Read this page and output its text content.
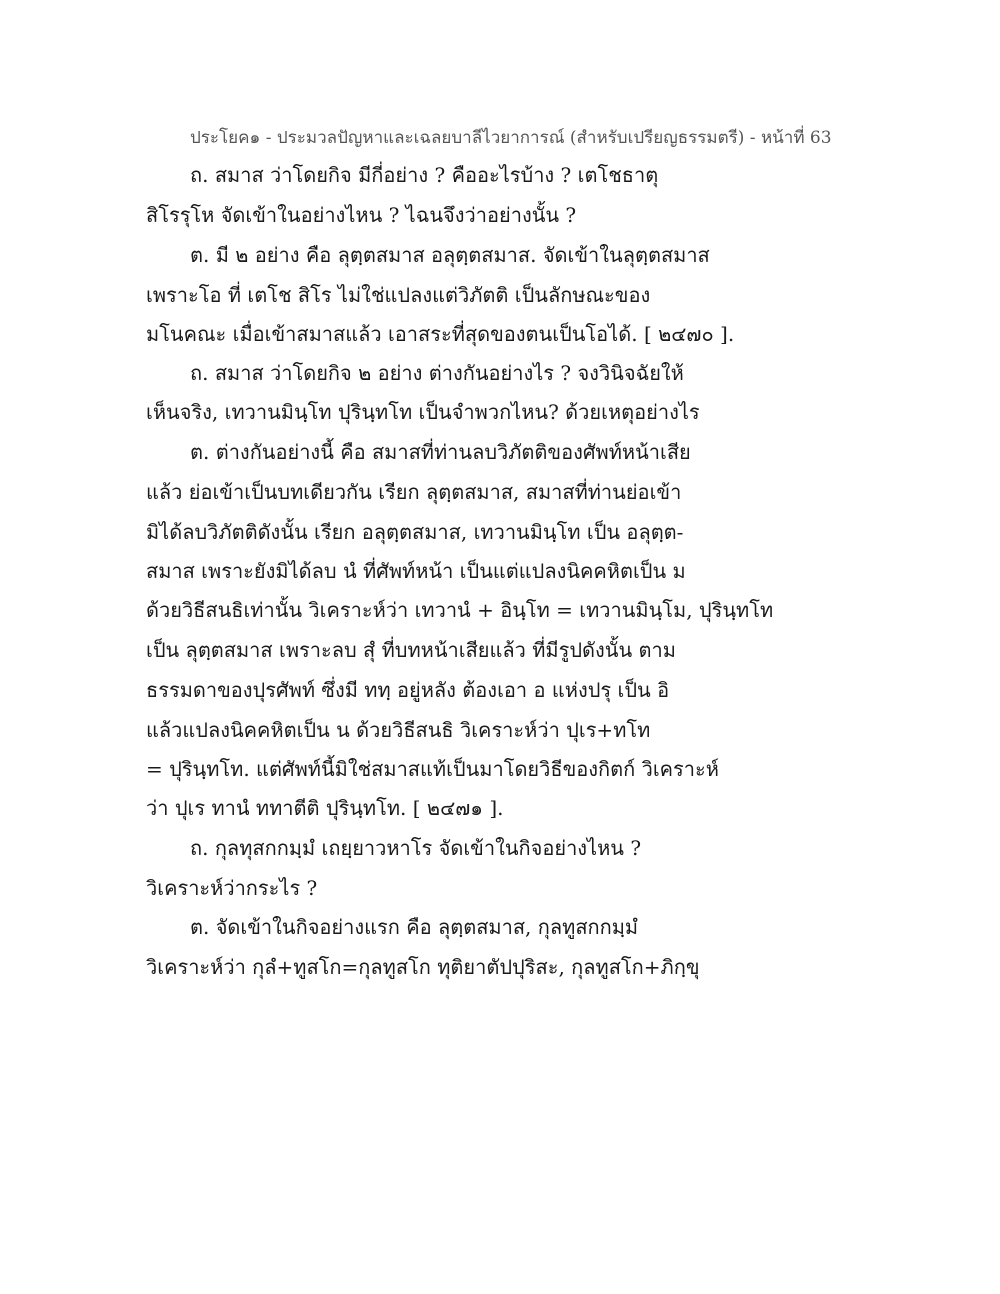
ประโยค๑ - ประมวลปัญหาและเฉลยบาลีไวยาการณ์ (สำหรับเปรียญธรรมตรี) - หน้าที่ 63
ถ. สมาส ว่าโดยกิจ มีกี่อย่าง ? คืออะไรบ้าง ? เตโชธาตุ
สิโรรุโห จัดเข้าในอย่างไหน ? ไฉนจึงว่าอย่างนั้น ?
ต. มี ๒ อย่าง คือ ลุตฺตสมาส อลุตฺตสมาส. จัดเข้าในลุตฺตสมาส
เพราะโอ ที่ เตโช สิโร ไม่ใช่แปลงแต่วิภัตติ เป็นลักษณะของ
มโนคณะ เมื่อเข้าสมาสแล้ว เอาสระที่สุดของตนเป็นโอได้. [ ๒๔๗๐ ].
ถ. สมาส ว่าโดยกิจ ๒ อย่าง ต่างกันอย่างไร ? จงวินิจฉัยให้
เห็นจริง, เทวานมินฺโท ปุรินฺทโท เป็นจำพวกไหน? ด้วยเหตุอย่างไร
ต. ต่างกันอย่างนี้ คือ สมาสที่ท่านลบวิภัตติของศัพท์หน้าเสีย
แล้ว ย่อเข้าเป็นบทเดียวกัน เรียก ลุตฺตสมาส, สมาสที่ท่านย่อเข้า
มิได้ลบวิภัตติดังนั้น เรียก อลุตฺตสมาส, เทวานมินฺโท เป็น อลุตฺต-
สมาส เพราะยังมิได้ลบ นํ ที่ศัพท์หน้า เป็นแต่แปลงนิคคหิตเป็น ม
ด้วยวิธีสนธิเท่านั้น วิเคราะห์ว่า เทวานํ + อินฺโท = เทวานมินฺโม, ปุรินฺทโท
เป็น ลุตฺตสมาส เพราะลบ สุํ ที่บทหน้าเสียแล้ว ที่มีรูปดังนั้น ตาม
ธรรมดาของปุรศัพท์ ซึ่งมี ททฺ อยู่หลัง ต้องเอา อ แห่งปรุ เป็น อิ
แล้วแปลงนิคคหิตเป็น น ด้วยวิธีสนธิ วิเคราะห์ว่า ปุเร+ทโท
= ปุรินฺทโท. แต่ศัพท์นี้มิใช่สมาสแท้เป็นมาโดยวิธีของกิตก์ วิเคราะห์
ว่า ปุเร ทานํ ททาตีติ ปุรินฺทโท. [ ๒๔๗๑ ].
ถ. กุลทุสกกมฺมํ เถยฺยาวหาโร จัดเข้าในกิจอย่างไหน ?
วิเคราะห์ว่ากระไร ?
ต. จัดเข้าในกิจอย่างแรก คือ ลุตฺตสมาส, กุลทูสกกมฺมํ
วิเคราะห์ว่า กุลํ+ทูสโก=กุลทูสโก ทุติยาตัปปุริสะ, กุลทูสโก+ภิกฺขุ
